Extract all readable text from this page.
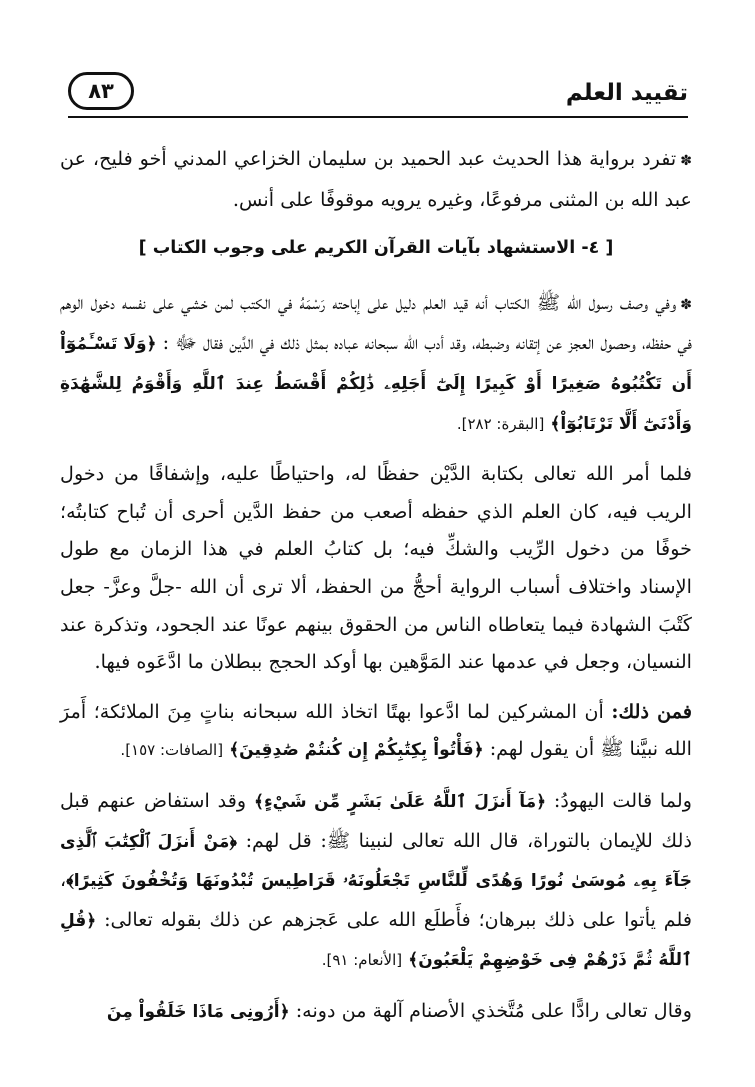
تقييد العلم
٨٣

✽تفرد برواية هذا الحديث عبد الحميد بن سليمان الخزاعي المدني أخو فليح، عن عبد الله بن المثنى مرفوعًا، وغيره يرويه موقوفًا على أنس.

[ ٤- الاستشهاد بآيات القرآن الكريم على وجوب الكتاب ]

✽وفي وصف رسول الله ﷺ الكتاب أنه قيد العلم دليل على إباحته رَسْمَهُ في الكتب لمن خشي على نفسه دخول الوهم في حفظه، وحصول العجز عن إتقانه وضبطه، وقد أدب الله سبحانه عباده بمثل ذلك في الدَّين فقال ﷻ : ﴿وَلَا تَسْـَٔمُوٓاْ أَن تَكْتُبُوهُ صَغِيرًا أَوْ كَبِيرًا إِلَىٰٓ أَجَلِهِۦ ذَٰلِكُمْ أَقْسَطُ عِندَ ٱللَّهِ وَأَقْوَمُ لِلشَّهَٰدَةِ وَأَدْنَىٰٓ أَلَّا تَرْتَابُوٓاْ﴾ [البقرة: ٢٨٢].

فلما أمر الله تعالى بكتابة الدَّيْن حفظًا له، واحتياطًا عليه، وإشفاقًا من دخول الريب فيه، كان العلم الذي حفظه أصعب من حفظ الدَّين أحرى أن تُباح كتابتُه؛ خوفًا من دخول الرِّيب والشكِّ فيه؛ بل كتابُ العلم في هذا الزمان مع طول الإسناد واختلاف أسباب الرواية أحجُّ من الحفظ، ألا ترى أن الله -جلَّ وعزَّ- جعل كَتْبَ الشهادة فيما يتعاطاه الناس من الحقوق بينهم عونًا عند الجحود، وتذكرة عند النسيان، وجعل في عدمها عند المَوَّهين بها أوكد الحجج ببطلان ما ادَّعَوه فيها.

فمن ذلك: أن المشركين لما ادَّعوا بهتًا اتخاذ الله سبحانه بناتٍ مِنَ الملائكة؛ أَمرَ الله نبيَّنا ﷺ أن يقول لهم: ﴿فَأْتُواْ بِكِتَٰبِكُمْ إِن كُنتُمْ صَٰدِقِينَ﴾ [الصافات: ١٥٧].

ولما قالت اليهودُ: ﴿مَآ أَنزَلَ ٱللَّهُ عَلَىٰ بَشَرٍ مِّن شَيْءٍ﴾ وقد استفاض عنهم قبل ذلك للإيمان بالتوراة، قال الله تعالى لنبينا ﷺ: قل لهم: ﴿مَنْ أَنزَلَ ٱلْكِتَٰبَ ٱلَّذِى جَآءَ بِهِۦ مُوسَىٰ نُورًا وَهُدًى لِّلنَّاسِ تَجْعَلُونَهُۥ قَرَاطِيسَ تُبْدُونَهَا وَتُخْفُونَ كَثِيرًا﴾، فلم يأتوا على ذلك ببرهان؛ فأَطلَع الله على عَجزهم عن ذلك بقوله تعالى: ﴿قُلِ ٱللَّهُ ثُمَّ ذَرْهُمْ فِى خَوْضِهِمْ يَلْعَبُونَ﴾ [الأنعام: ٩١].

وقال تعالى رادًّا على مُتَّخذي الأصنام آلهة من دونه: ﴿أَرُونِى مَاذَا خَلَقُواْ مِنَ
